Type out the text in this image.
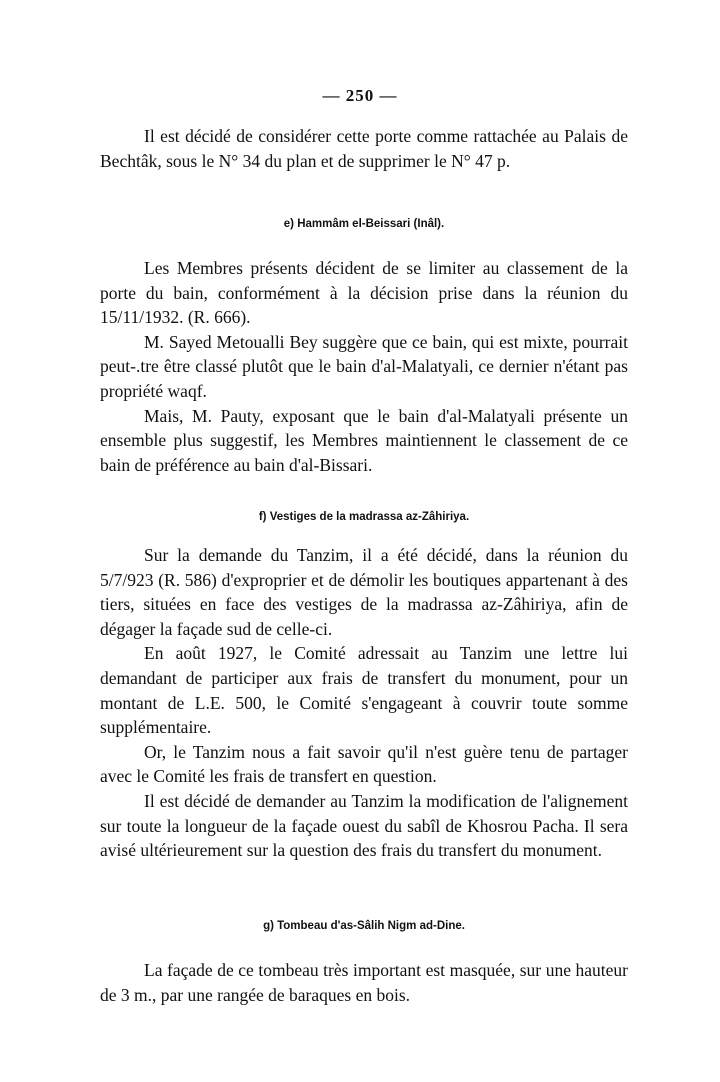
— 250 —

Il est décidé de considérer cette porte comme rattachée au Palais de Bechtâk, sous le N° 34 du plan et de supprimer le N° 47 p.

e) Hammâm el-Beissari (Inâl).

Les Membres présents décident de se limiter au classement de la porte du bain, conformément à la décision prise dans la réunion du 15/11/1932. (R. 666).

M. Sayed Metoualli Bey suggère que ce bain, qui est mixte, pourrait peut-.tre être classé plutôt que le bain d'al-Malatyali, ce dernier n'étant pas propriété waqf.

Mais, M. Pauty, exposant que le bain d'al-Malatyali présente un ensemble plus suggestif, les Membres maintiennent le classement de ce bain de préférence au bain d'al-Bissari.

f) Vestiges de la madrassa az-Zâhiriya.

Sur la demande du Tanzim, il a été décidé, dans la réunion du 5/7/923 (R. 586) d'exproprier et de démolir les boutiques appartenant à des tiers, situées en face des vestiges de la madrassa az-Zâhiriya, afin de dégager la façade sud de celle-ci.

En août 1927, le Comité adressait au Tanzim une lettre lui demandant de participer aux frais de transfert du monument, pour un montant de L.E. 500, le Comité s'engageant à couvrir toute somme supplémentaire.

Or, le Tanzim nous a fait savoir qu'il n'est guère tenu de partager avec le Comité les frais de transfert en question.

Il est décidé de demander au Tanzim la modification de l'alignement sur toute la longueur de la façade ouest du sabîl de Khosrou Pacha. Il sera avisé ultérieurement sur la question des frais du transfert du monument.

g) Tombeau d'as-Sâlih Nigm ad-Dine.

La façade de ce tombeau très important est masquée, sur une hauteur de 3 m., par une rangée de baraques en bois.
